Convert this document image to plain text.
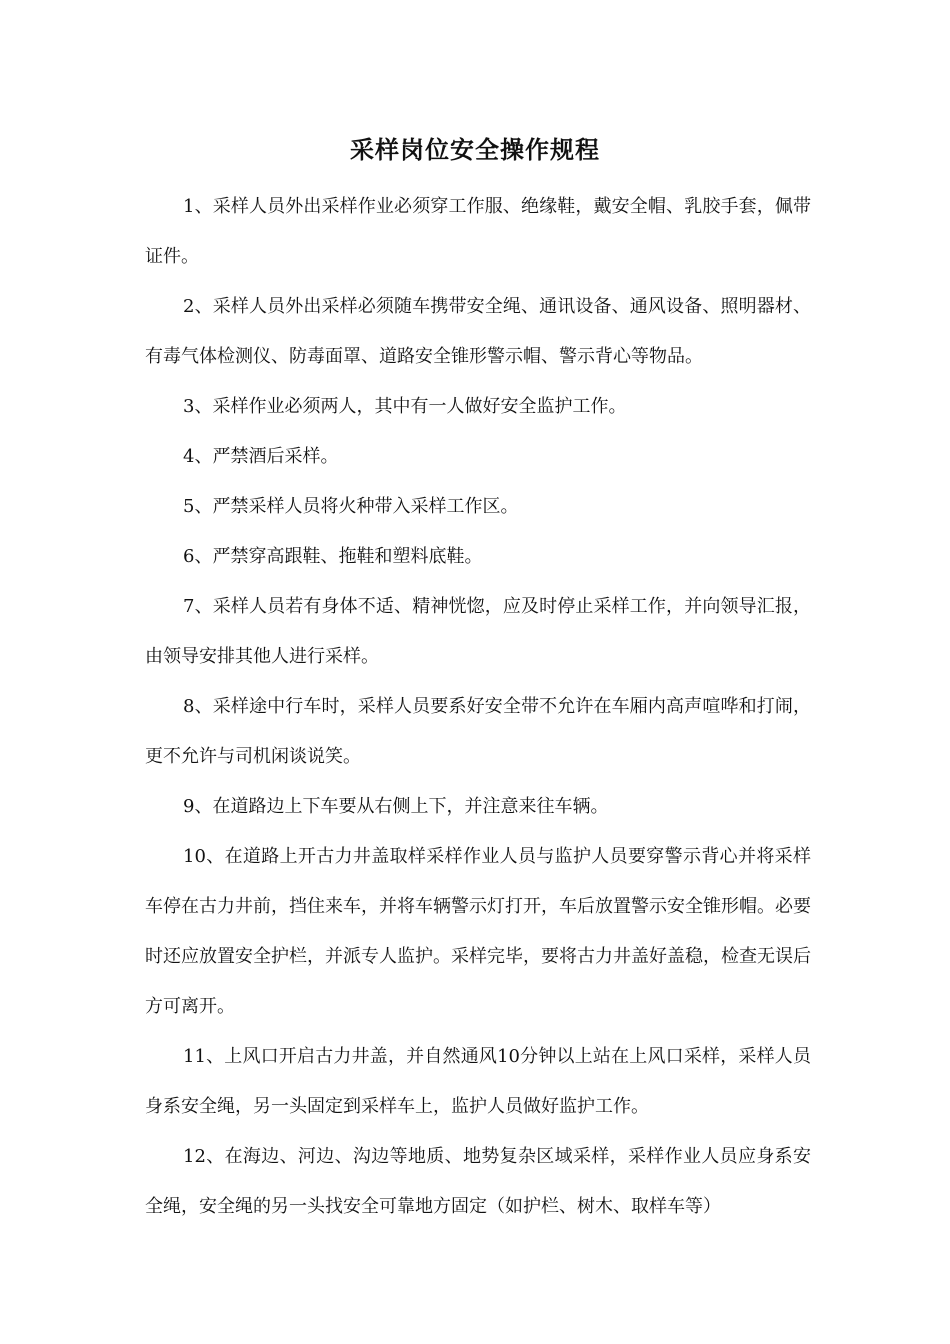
采样岗位安全操作规程

1、采样人员外出采样作业必须穿工作服、绝缘鞋，戴安全帽、乳胶手套，佩带证件。

2、采样人员外出采样必须随车携带安全绳、通讯设备、通风设备、照明器材、有毒气体检测仪、防毒面罩、道路安全锥形警示帽、警示背心等物品。

3、采样作业必须两人，其中有一人做好安全监护工作。

4、严禁酒后采样。

5、严禁采样人员将火种带入采样工作区。

6、严禁穿高跟鞋、拖鞋和塑料底鞋。

7、采样人员若有身体不适、精神恍惚，应及时停止采样工作，并向领导汇报，由领导安排其他人进行采样。

8、采样途中行车时，采样人员要系好安全带不允许在车厢内高声喧哗和打闹，更不允许与司机闲谈说笑。

9、在道路边上下车要从右侧上下，并注意来往车辆。

10、在道路上开古力井盖取样采样作业人员与监护人员要穿警示背心并将采样车停在古力井前，挡住来车，并将车辆警示灯打开，车后放置警示安全锥形帽。必要时还应放置安全护栏，并派专人监护。采样完毕，要将古力井盖好盖稳，检查无误后方可离开。

11、上风口开启古力井盖，并自然通风10分钟以上站在上风口采样，采样人员身系安全绳，另一头固定到采样车上，监护人员做好监护工作。

12、在海边、河边、沟边等地质、地势复杂区域采样，采样作业人员应身系安全绳，安全绳的另一头找安全可靠地方固定（如护栏、树木、取样车等）
